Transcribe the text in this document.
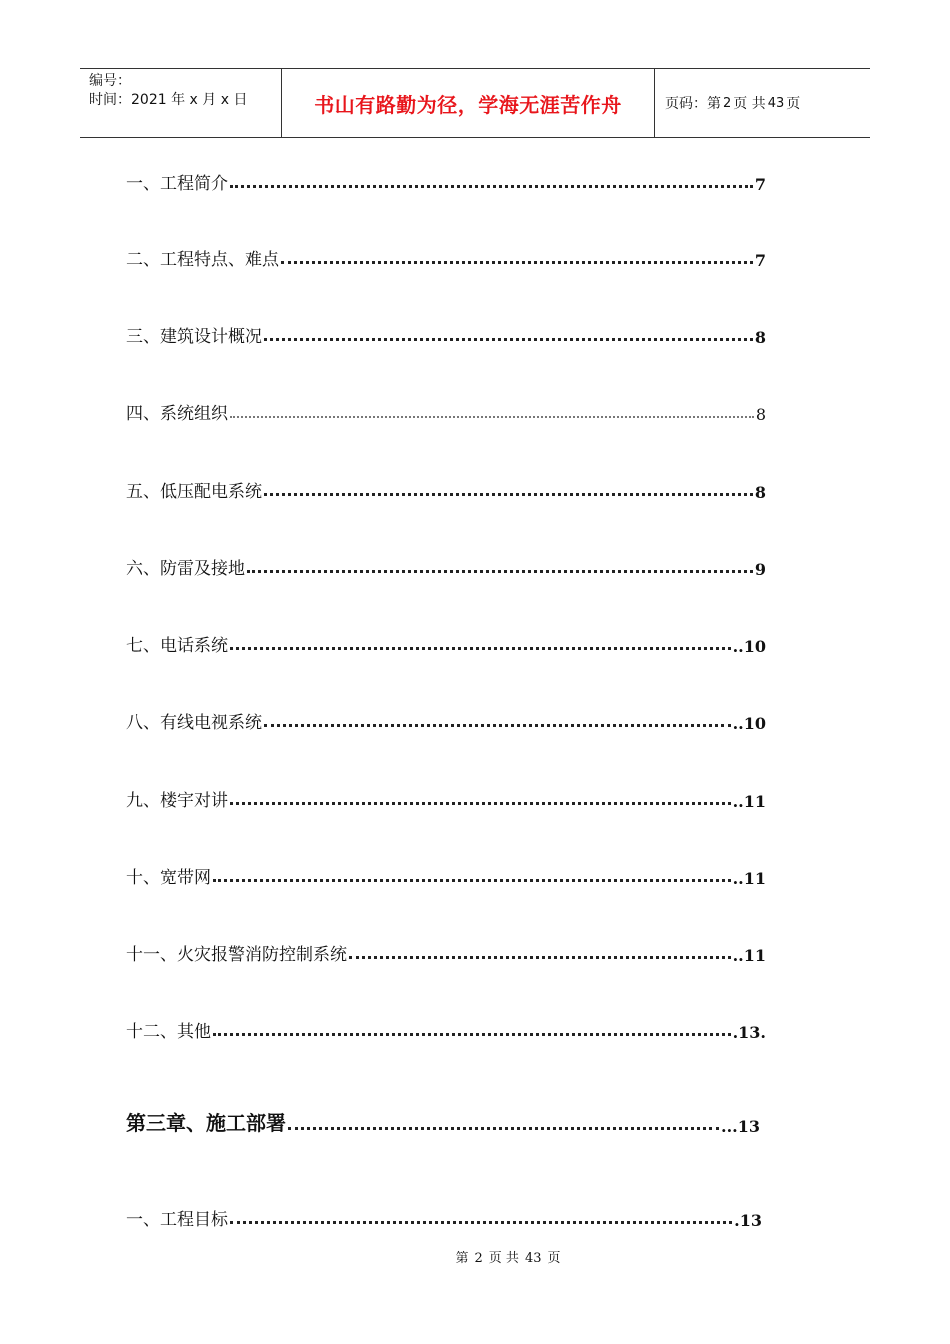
编号：
时间：2021 年 x 月 x 日	书山有路勤为径，学海无涯苦作舟	页码：第 2 页 共 43 页
一、工程简介	7
二、工程特点、难点	7
三、建筑设计概况	8
四、系统组织	8
五、低压配电系统	8
六、防雷及接地	9
七、电话系统	..10
八、有线电视系统	..10
九、楼宇对讲	..11
十、宽带网	..11
十一、火灾报警消防控制系统	..11
十二、其他	.13.
第三章、施工部署	...13
一、工程目标	.13
第 2 页 共 43 页
